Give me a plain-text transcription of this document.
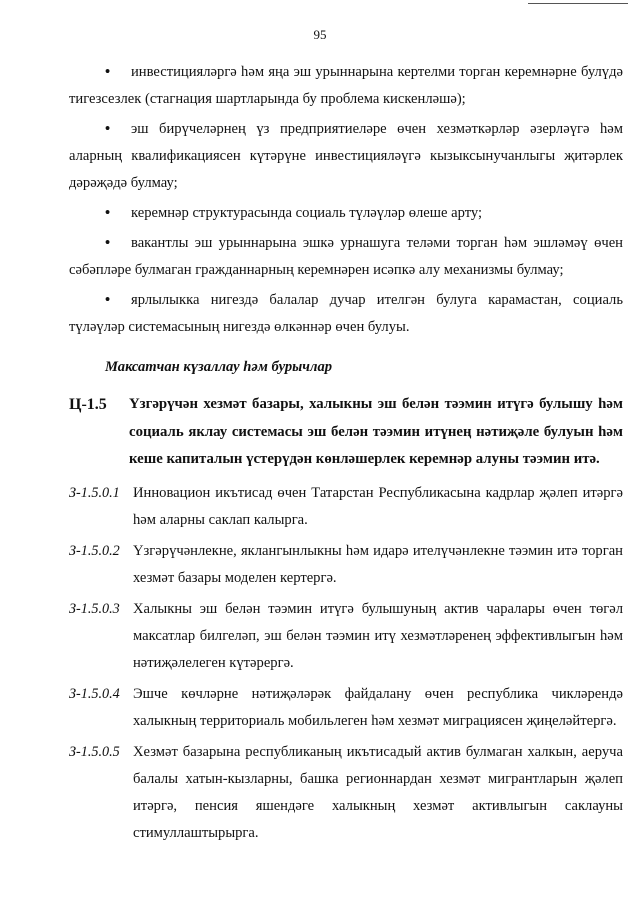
95

• инвестицияләргә һәм яңа эш урыннарына кертелми торган керемнәрне булүдә тигезсезлек (стагнация шартларында бу проблема кискенләшә);

• эш бирүчеләрнең үз предприятиеләре өчен хезмәткәрләр әзерләүгә һәм аларның квалификациясен күтәрүне инвестицияләүгә кызыксынучанлыгы җитәрлек дәрәҗәдә булмау;

• керемнәр структурасында социаль түләүләр өлеше арту;

• вакантлы эш урыннарына эшкә урнашуга теләми торган һәм эшләмәү өчен сәбәпләре булмаган гражданнарның керемнәрен исәпкә алу механизмы булмау;

• ярлылыкка нигездә балалар дучар ителгән булуга карамастан, социаль түләүләр системасының нигездә өлкәннәр өчен булуы.

Максатчан күзаллау һәм бурычлар
Ц-1.5	Үзгәрүчән хезмәт базары, халыкны эш белән тәэмин итүгә булышу һәм социаль яклау системасы эш белән тәэмин итүнең нәтиҗәле булуын һәм кеше капиталын үстерүдән көнләшерлек керемнәр алуны тәэмин итә.
З-1.5.0.1 Инновацион икътисад өчен Татарстан Республикасына кадрлар җәлеп итәргә һәм аларны саклап калырга.
З-1.5.0.2 Үзгәрүчәнлекне, яклангынлыкны һәм идарә ителүчәнлекне тәэмин итә торган хезмәт базары моделен кертергә.
З-1.5.0.3 Халыкны эш белән тәэмин итүгә булышуның актив чаралары өчен төгәл максатлар билгеләп, эш белән тәэмин итү хезмәтләренең эффективлыгын һәм нәтиҗәлелеген күтәрергә.
З-1.5.0.4 Эшче көчләрне нәтиҗәләрәк файдалану өчен республика чикләрендә халыкның территориаль мобильлеген һәм хезмәт миграциясен җиңеләйтергә.
З-1.5.0.5 Хезмәт базарына республиканың икътисадый актив булмаган халкын, аеруча балалы хатын-кызларны, башка регионнардан хезмәт мигрантларын җәлеп итәргә, пенсия яшендәге халыкның хезмәт активлыгын саклауны стимуллаштырырга.
